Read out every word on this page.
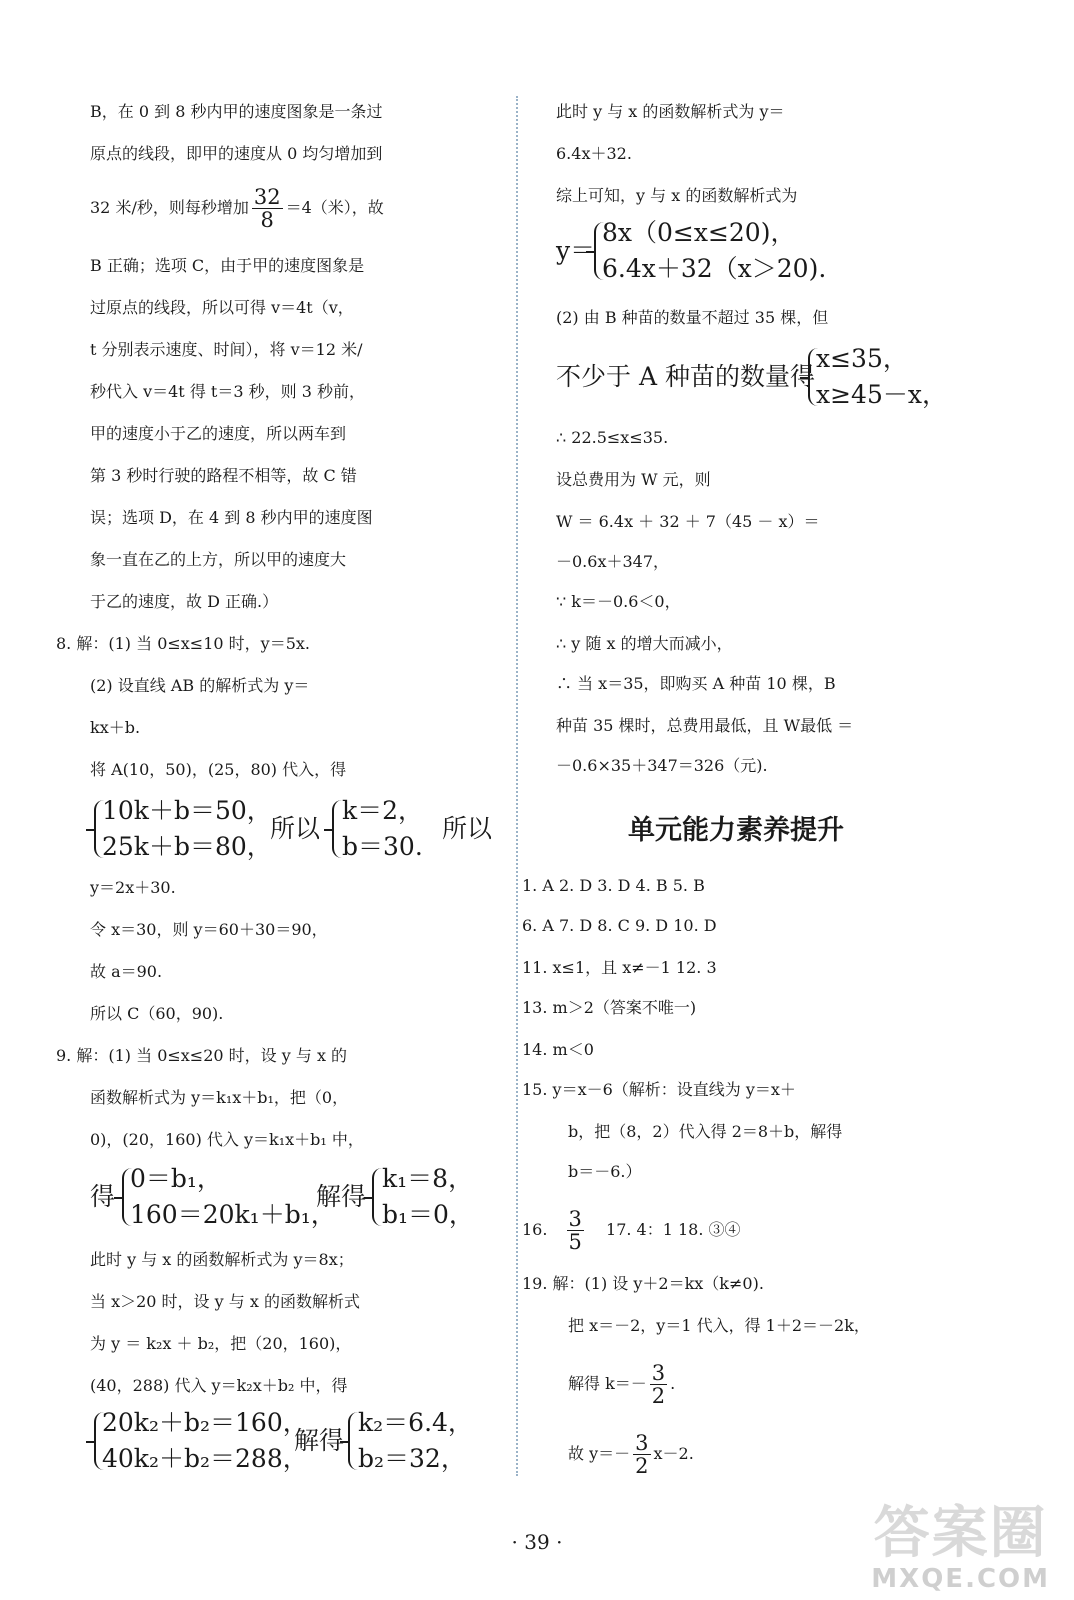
B，在 0 到 8 秒内甲的速度图象是一条过
原点的线段，即甲的速度从 0 均匀增加到
32 米/秒，则每秒增加 $\frac{32}{8} =4$（米），故
B 正确；选项 C，由于甲的速度图象是
过原点的线段，所以可得 v＝4t（v，
t 分别表示速度、时间），将 v＝12 米/
秒代入 v＝4t 得 t＝3 秒，则 3 秒前，
甲的速度小于乙的速度，所以两车到
第 3 秒时行驶的路程不相等，故 C 错
误；选项 D，在 4 到 8 秒内甲的速度图
象一直在乙的上方，所以甲的速度大
于乙的速度，故 D 正确.）
8. 解：(1) 当 0≤x≤10 时，y＝5x.
(2) 设直线 AB 的解析式为 y＝
kx＋b.
将 A(10，50)，(25，80) 代入，得
10k＋b＝50，
25k＋b＝80，
所以
k＝2，
b＝30.
所以
y＝2x＋30.
令 x＝30，则 y＝60＋30＝90，
故 a＝90.
所以 C（60，90).
9. 解：(1) 当 0≤x≤20 时，设 y 与 x 的
函数解析式为 y＝k₁x＋b₁，把（0，
0)，(20，160) 代入 y＝k₁x＋b₁ 中，
得
0＝b₁，
160＝20k₁＋b₁，
解得
k₁＝8，
b₁＝0，
此时 y 与 x 的函数解析式为 y＝8x；
当 x＞20 时，设 y 与 x 的函数解析式
为 y ＝ k₂x ＋ b₂，把（20，160)，
(40，288) 代入 y＝k₂x＋b₂ 中，得
20k₂＋b₂＝160，
40k₂＋b₂＝288，
解得
k₂＝6.4，
b₂＝32，
此时 y 与 x 的函数解析式为 y＝
6.4x＋32.
综上可知，y 与 x 的函数解析式为
y＝
8x（0≤x≤20)，
6.4x＋32（x＞20).
(2) 由 B 种苗的数量不超过 35 棵，但
不少于 A 种苗的数量得
x≤35，
x≥45－x，
∴ 22.5≤x≤35.
设总费用为 W 元，则
W ＝ 6.4x ＋ 32 ＋ 7（45 － x）＝
－0.6x＋347，
∵ k＝－0.6＜0，
∴ y 随 x 的增大而减小，
∴ 当 x＝35，即购买 A 种苗 10 棵，B
种苗 35 棵时，总费用最低，且 W最低 ＝
－0.6×35＋347＝326（元).
单元能力素养提升
1. A 2. D 3. D 4. B 5. B
6. A 7. D 8. C 9. D 10. D
11. x≤1，且 x≠－1 12. 3
13. m＞2（答案不唯一)
14. m＜0
15. y＝x－6（解析：设直线为 y＝x＋
b，把（8，2）代入得 2＝8＋b，解得
b＝－6.）
16. $\frac{3}{5} 17$. 4：1 18. ③④
19. 解：(1) 设 y＋2＝kx（k≠0).
把 x＝－2，y＝1 代入，得 1＋2＝－2k，
解得 $k=- \frac{3}{2}$ .
故 $y=- \frac{3}{2} x-2$.
· 39 ·	答案圈
MXQE.COM
